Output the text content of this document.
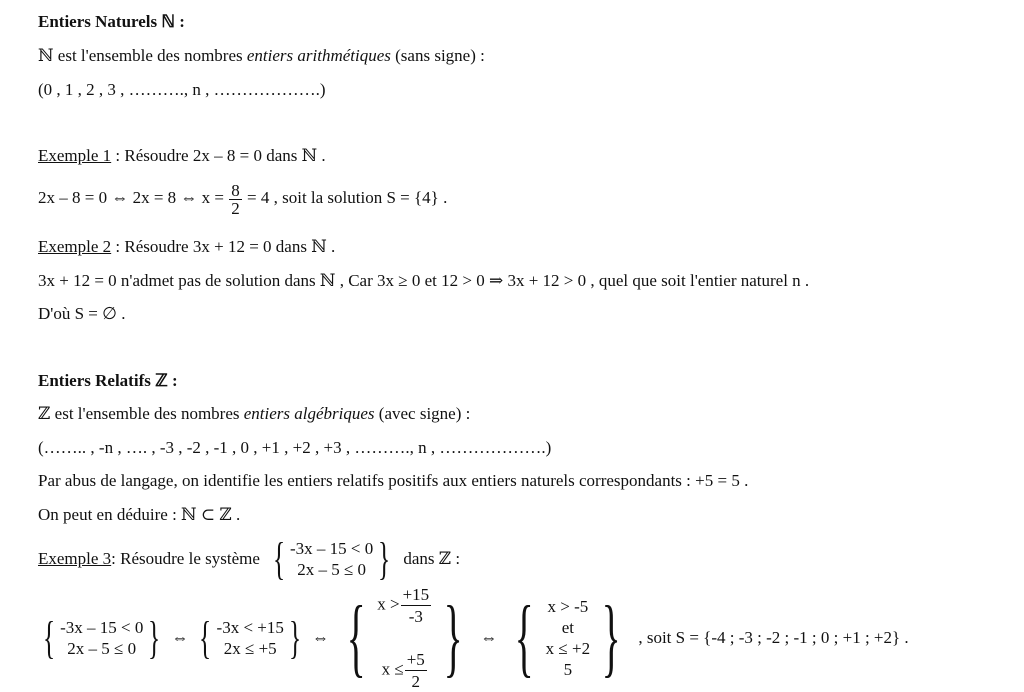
Entiers Naturels ℕ :
ℕ est l'ensemble des nombres entiers arithmétiques (sans signe) :
(0 , 1 , 2 , 3 , ………., n , ……………….)
Exemple 1 : Résoudre 2x – 8 = 0 dans ℕ .
2x – 8 = 0 ⇔ 2x = 8 ⇔ $x = \frac{8}{2} = 4$ , soit la solution S = {4} .
Exemple 2 : Résoudre 3x + 12 = 0 dans ℕ .
3x + 12 = 0 n'admet pas de solution dans ℕ , Car 3x ≥ 0 et 12 > 0 ⇒ 3x + 12 > 0 , quel que soit l'entier naturel n .
D'où S = ∅ .
Entiers Relatifs ℤ :
ℤ est l'ensemble des nombres entiers algébriques (avec signe) :
(…….. , -n , …. , -3 , -2 , -1 , 0 , +1 , +2 , +3 , ………., n , ……………….)
Par abus de langage, on identifie les entiers relatifs positifs aux entiers naturels correspondants : +5 = 5 .
On peut en déduire : ℕ ⊂ ℤ .
Exemple 3 : Résoudre le système { -3x – 15 < 0
2x – 5 ≤ 0 } dans ℤ :
{ -3x – 15 < 0
2x – 5 ≤ 0 } ⇔ { -3x < +15
2x ≤ +5 } ⇔ { $x > \frac{+15}{-3}$
$x \le \frac{+5}{2}$ } ⇔ { x > -5
et
x ≤ +2
5 } , soit S = {-4 ; -3 ; -2 ; -1 ; 0 ; +1 ; +2} .
